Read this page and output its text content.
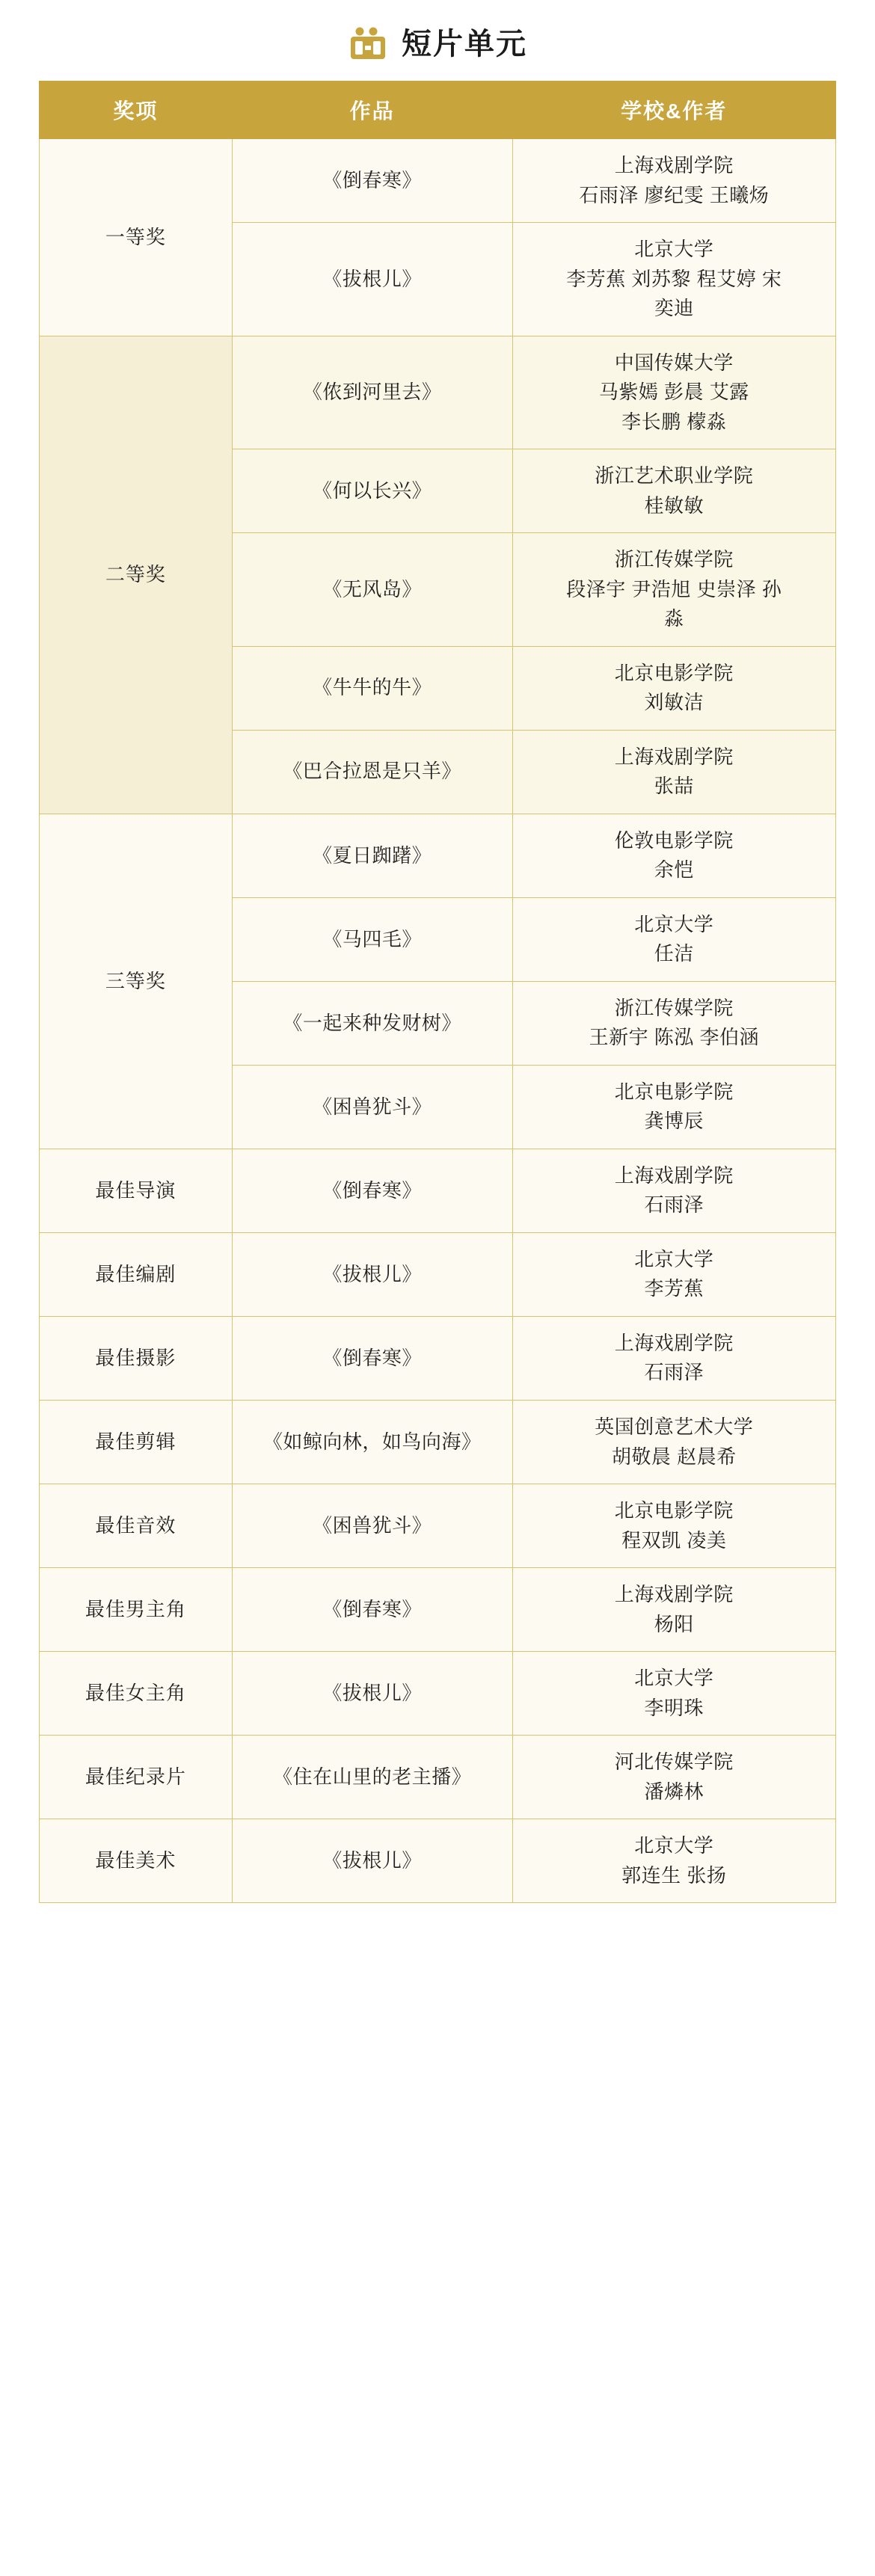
短片单元
奖项	作品	学校&作者
一等奖	《倒春寒》	上海戏剧学院
石雨泽 廖纪雯 王曦炀

	《拔根儿》	北京大学
李芳蕉 刘苏黎 程艾婷 宋
奕迪

二等奖	《侬到河里去》	中国传媒大学
马紫嫣 彭晨 艾露
李长鹏 檬淼

	《何以长兴》	浙江艺术职业学院
桂敏敏

	《无风岛》	浙江传媒学院
段泽宇 尹浩旭 史崇泽 孙
淼

	《牛牛的牛》	北京电影学院
刘敏洁

	《巴合拉恩是只羊》	上海戏剧学院
张喆

三等奖	《夏日踟躇》	伦敦电影学院
余恺

	《马四毛》	北京大学
任洁

	《一起来种发财树》	浙江传媒学院
王新宇 陈泓 李伯涵

	《困兽犹斗》	北京电影学院
龚博辰

最佳导演	《倒春寒》	上海戏剧学院
石雨泽

最佳编剧	《拔根儿》	北京大学
李芳蕉

最佳摄影	《倒春寒》	上海戏剧学院
石雨泽

最佳剪辑	《如鲸向林，如鸟向海》	英国创意艺术大学
胡敬晨 赵晨希

最佳音效	《困兽犹斗》	北京电影学院
程双凯 凌美

最佳男主角	《倒春寒》	上海戏剧学院
杨阳

最佳女主角	《拔根儿》	北京大学
李明珠

最佳纪录片	《住在山里的老主播》	河北传媒学院
潘燐林

最佳美术	《拔根儿》	北京大学
郭连生 张扬
